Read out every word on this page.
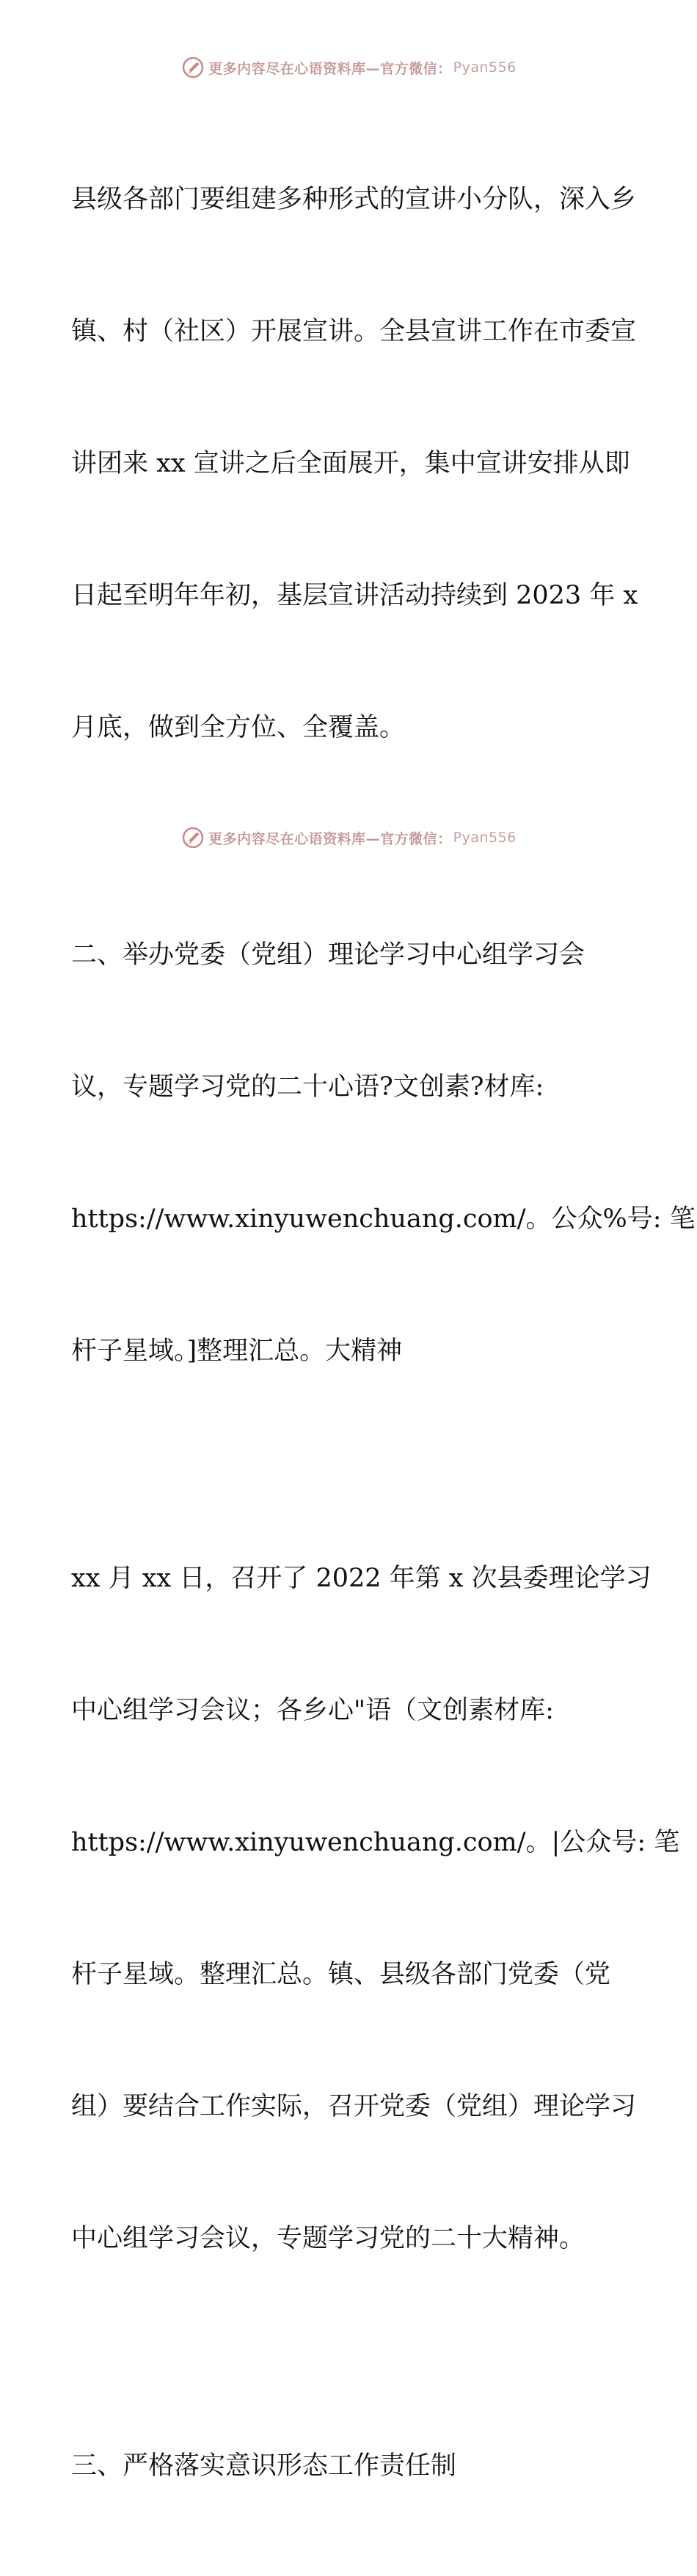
更多内容尽在心语资料库—官方微信： Pyan556

县级各部门要组建多种形式的宣讲小分队，深入乡

镇、村（社区）开展宣讲。全县宣讲工作在市委宣

讲团来 xx 宣讲之后全面展开，集中宣讲安排从即

日起至明年年初，基层宣讲活动持续到 2023 年 x

月底，做到全方位、全覆盖。

二、举办党委（党组）理论学习中心组学习会

议，专题学习党的二十心语?文创素?材库:

https://www.xinyuwenchuang.com/。公众%号: 笔

杆子星域。]整理汇总。大精神

xx 月 xx 日，召开了 2022 年第 x 次县委理论学习

中心组学习会议；各乡心"语（文创素材库:

https://www.xinyuwenchuang.com/。|公众号: 笔

杆子星域。整理汇总。镇、县级各部门党委（党

组）要结合工作实际，召开党委（党组）理论学习

中心组学习会议，专题学习党的二十大精神。

三、严格落实意识形态工作责任制

更多内容尽在心语资料库—官方微信： Pyan556
